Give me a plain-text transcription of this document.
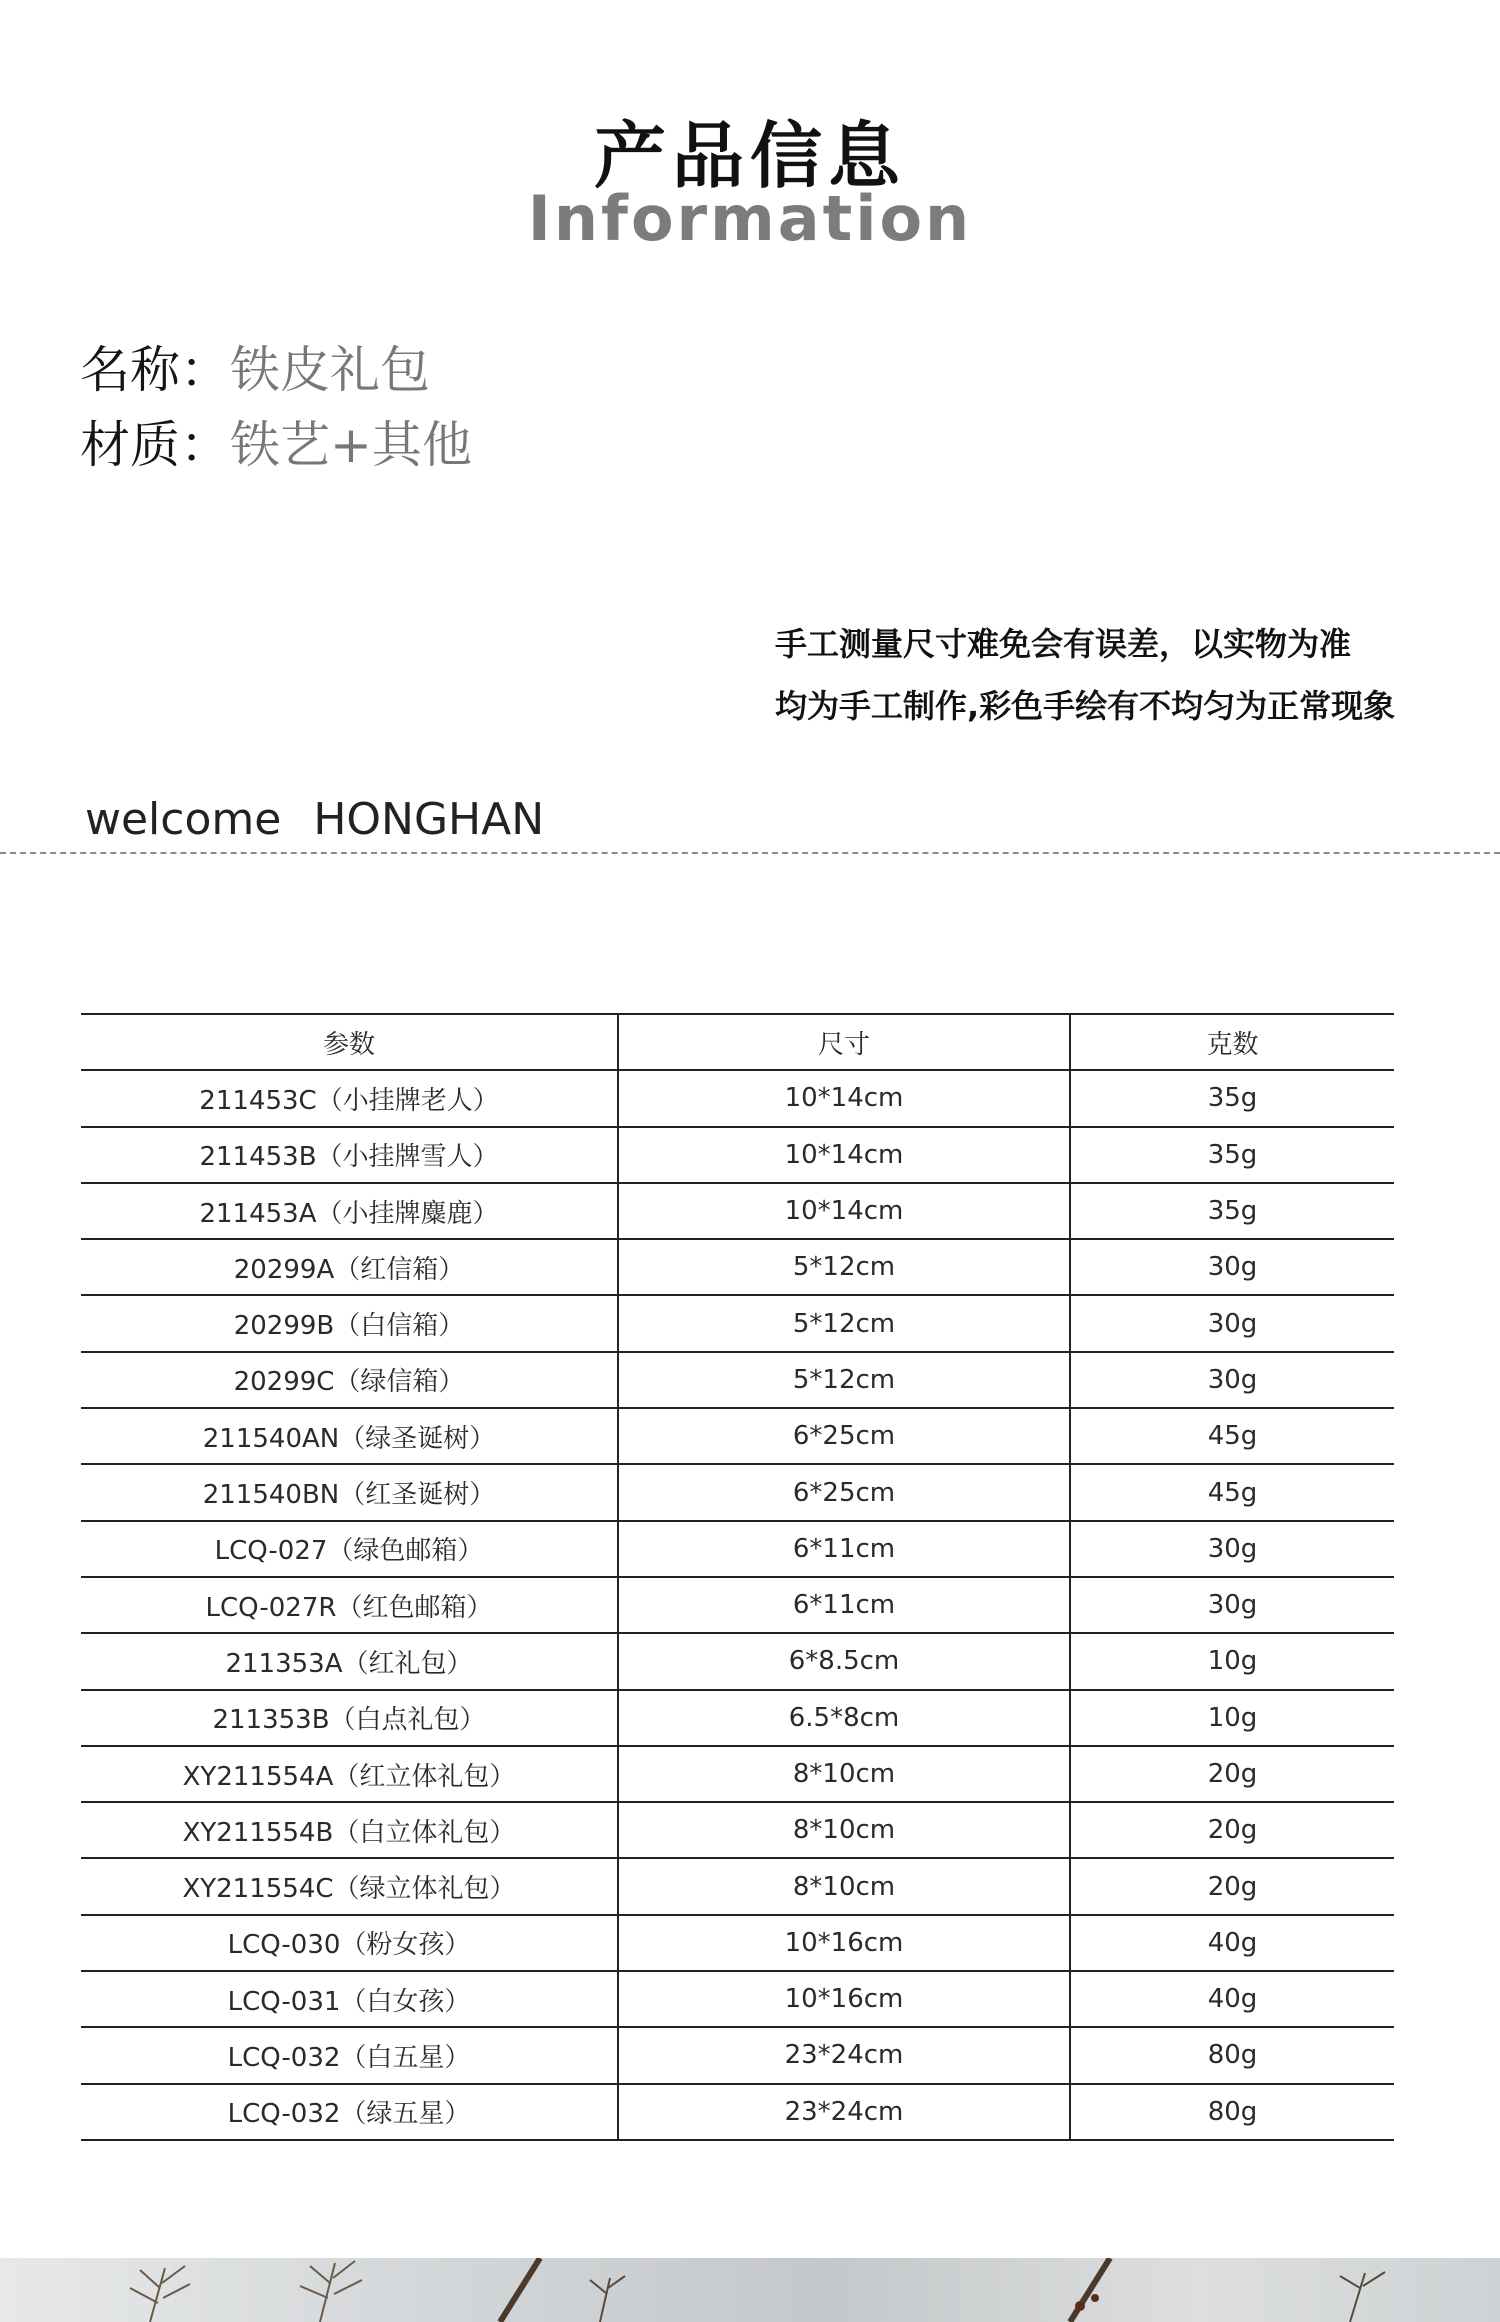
产品信息
Information
名称：铁皮礼包
材质：铁艺+其他
手工测量尺寸难免会有误差，以实物为准
均为手工制作,彩色手绘有不均匀为正常现象
welcome HONGHAN
参数	尺寸	克数
211453C（小挂牌老人）	10*14cm	35g
211453B（小挂牌雪人）	10*14cm	35g
211453A（小挂牌麋鹿）	10*14cm	35g
20299A（红信箱）	5*12cm	30g
20299B（白信箱）	5*12cm	30g
20299C（绿信箱）	5*12cm	30g
211540AN（绿圣诞树）	6*25cm	45g
211540BN（红圣诞树）	6*25cm	45g
LCQ-027（绿色邮箱）	6*11cm	30g
LCQ-027R（红色邮箱）	6*11cm	30g
211353A（红礼包）	6*8.5cm	10g
211353B（白点礼包）	6.5*8cm	10g
XY211554A（红立体礼包）	8*10cm	20g
XY211554B（白立体礼包）	8*10cm	20g
XY211554C（绿立体礼包）	8*10cm	20g
LCQ-030（粉女孩）	10*16cm	40g
LCQ-031（白女孩）	10*16cm	40g
LCQ-032（白五星）	23*24cm	80g
LCQ-032（绿五星）	23*24cm	80g
